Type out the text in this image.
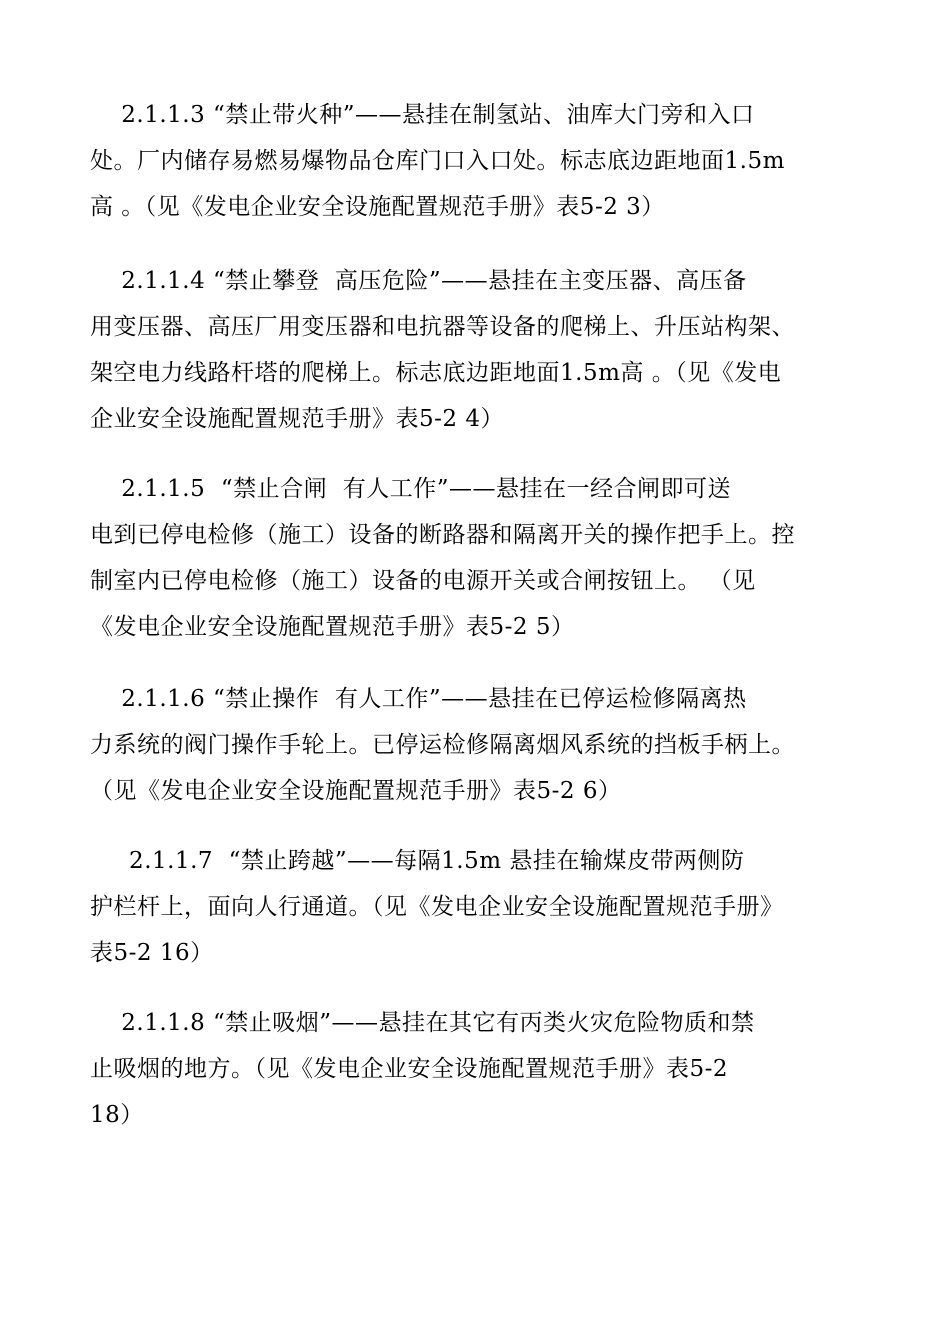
2.1.1.3 “禁止带火种”——悬挂在制氢站、油库大门旁和入口
处。厂内储存易燃易爆物品仓库门口入口处。标志底边距地面1.5m
高 。（见《发电企业安全设施配置规范手册》表5-2 3）
2.1.1.4 “禁止攀登  高压危险”——悬挂在主变压器、高压备
用变压器、高压厂用变压器和电抗器等设备的爬梯上、升压站构架、
架空电力线路杆塔的爬梯上。标志底边距地面1.5m高 。（见《发电
企业安全设施配置规范手册》表5-2 4）
2.1.1.5  “禁止合闸  有人工作”——悬挂在一经合闸即可送
电到已停电检修（施工）设备的断路器和隔离开关的操作把手上。控
制室内已停电检修（施工）设备的电源开关或合闸按钮上。 （见
《发电企业安全设施配置规范手册》表5-2 5）
2.1.1.6 “禁止操作  有人工作”——悬挂在已停运检修隔离热
力系统的阀门操作手轮上。已停运检修隔离烟风系统的挡板手柄上。
（见《发电企业安全设施配置规范手册》表5-2 6）
2.1.1.7  “禁止跨越”——每隔1.5m 悬挂在输煤皮带两侧防
护栏杆上，面向人行通道。（见《发电企业安全设施配置规范手册》
表5-2 16）
2.1.1.8 “禁止吸烟”——悬挂在其它有丙类火灾危险物质和禁
止吸烟的地方。（见《发电企业安全设施配置规范手册》表5-2
18）
